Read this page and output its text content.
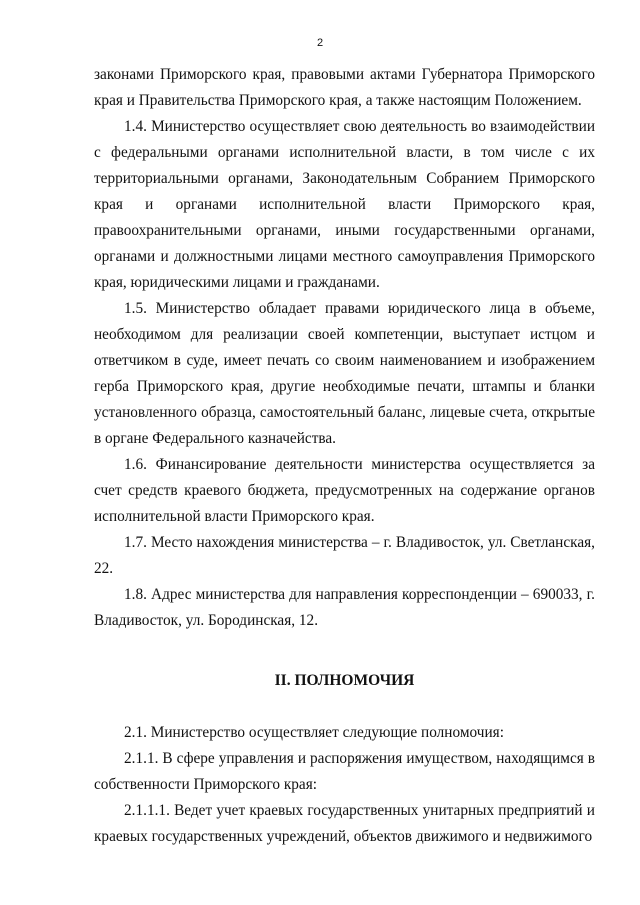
2

законами Приморского края, правовыми актами Губернатора Приморского края и Правительства Приморского края, а также настоящим Положением.

1.4. Министерство осуществляет свою деятельность во взаимодействии с федеральными органами исполнительной власти, в том числе с их территориальными органами, Законодательным Собранием Приморского края и органами исполнительной власти Приморского края, правоохранительными органами, иными государственными органами, органами и должностными лицами местного самоуправления Приморского края, юридическими лицами и гражданами.

1.5. Министерство обладает правами юридического лица в объеме, необходимом для реализации своей компетенции, выступает истцом и ответчиком в суде, имеет печать со своим наименованием и изображением герба Приморского края, другие необходимые печати, штампы и бланки установленного образца, самостоятельный баланс, лицевые счета, открытые в органе Федерального казначейства.

1.6. Финансирование деятельности министерства осуществляется за счет средств краевого бюджета, предусмотренных на содержание органов исполнительной власти Приморского края.

1.7. Место нахождения министерства – г. Владивосток, ул. Светланская, 22.

1.8. Адрес министерства для направления корреспонденции – 690033, г. Владивосток, ул. Бородинская, 12.

II. ПОЛНОМОЧИЯ

2.1. Министерство осуществляет следующие полномочия:

2.1.1. В сфере управления и распоряжения имуществом, находящимся в собственности Приморского края:

2.1.1.1. Ведет учет краевых государственных унитарных предприятий и краевых государственных учреждений, объектов движимого и недвижимого
